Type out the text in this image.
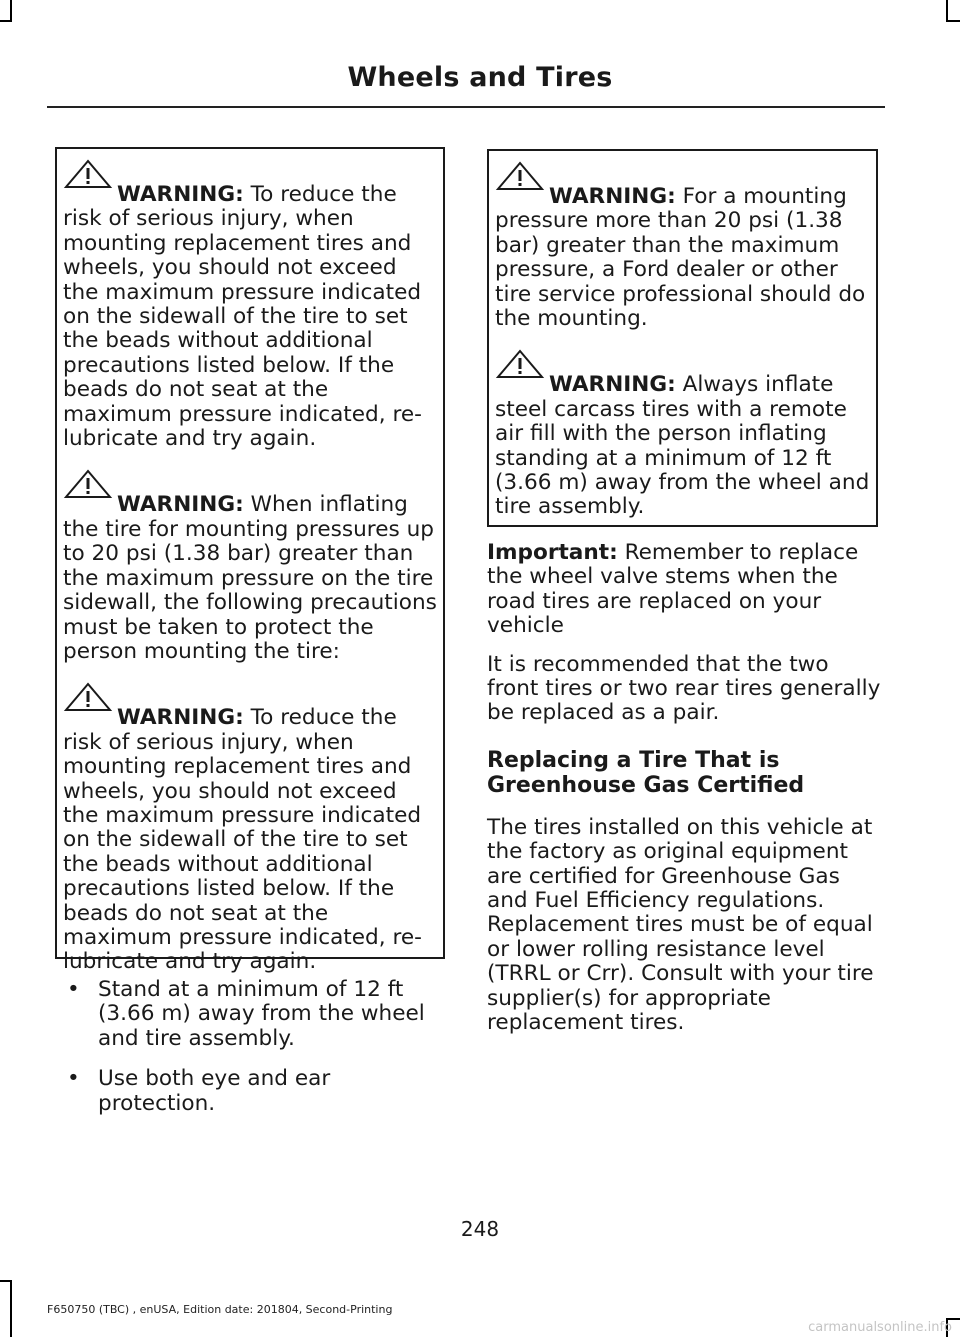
Wheels and Tires
WARNING: To reduce the risk of serious injury, when mounting replacement tires and wheels, you should not exceed the maximum pressure indicated on the sidewall of the tire to set the beads without additional precautions listed below. If the beads do not seat at the maximum pressure indicated, re-lubricate and try again.
WARNING: When inflating the tire for mounting pressures up to 20 psi (1.38 bar) greater than the maximum pressure on the tire sidewall, the following precautions must be taken to protect the person mounting the tire:
WARNING: To reduce the risk of serious injury, when mounting replacement tires and wheels, you should not exceed the maximum pressure indicated on the sidewall of the tire to set the beads without additional precautions listed below. If the beads do not seat at the maximum pressure indicated, re-lubricate and try again.
• Stand at a minimum of 12 ft (3.66 m) away from the wheel and tire assembly.
• Use both eye and ear protection.
WARNING: For a mounting pressure more than 20 psi (1.38 bar) greater than the maximum pressure, a Ford dealer or other tire service professional should do the mounting.
WARNING: Always inflate steel carcass tires with a remote air fill with the person inflating standing at a minimum of 12 ft (3.66 m) away from the wheel and tire assembly.

Important: Remember to replace the wheel valve stems when the road tires are replaced on your vehicle

It is recommended that the two front tires or two rear tires generally be replaced as a pair.

Replacing a Tire That is Greenhouse Gas Certified

The tires installed on this vehicle at the factory as original equipment are certified for Greenhouse Gas and Fuel Efficiency regulations. Replacement tires must be of equal or lower rolling resistance level (TRRL or Crr). Consult with your tire supplier(s) for appropriate replacement tires.

248
F650750 (TBC) , enUSA, Edition date: 201804, Second-Printing
carmanualsonline.info
